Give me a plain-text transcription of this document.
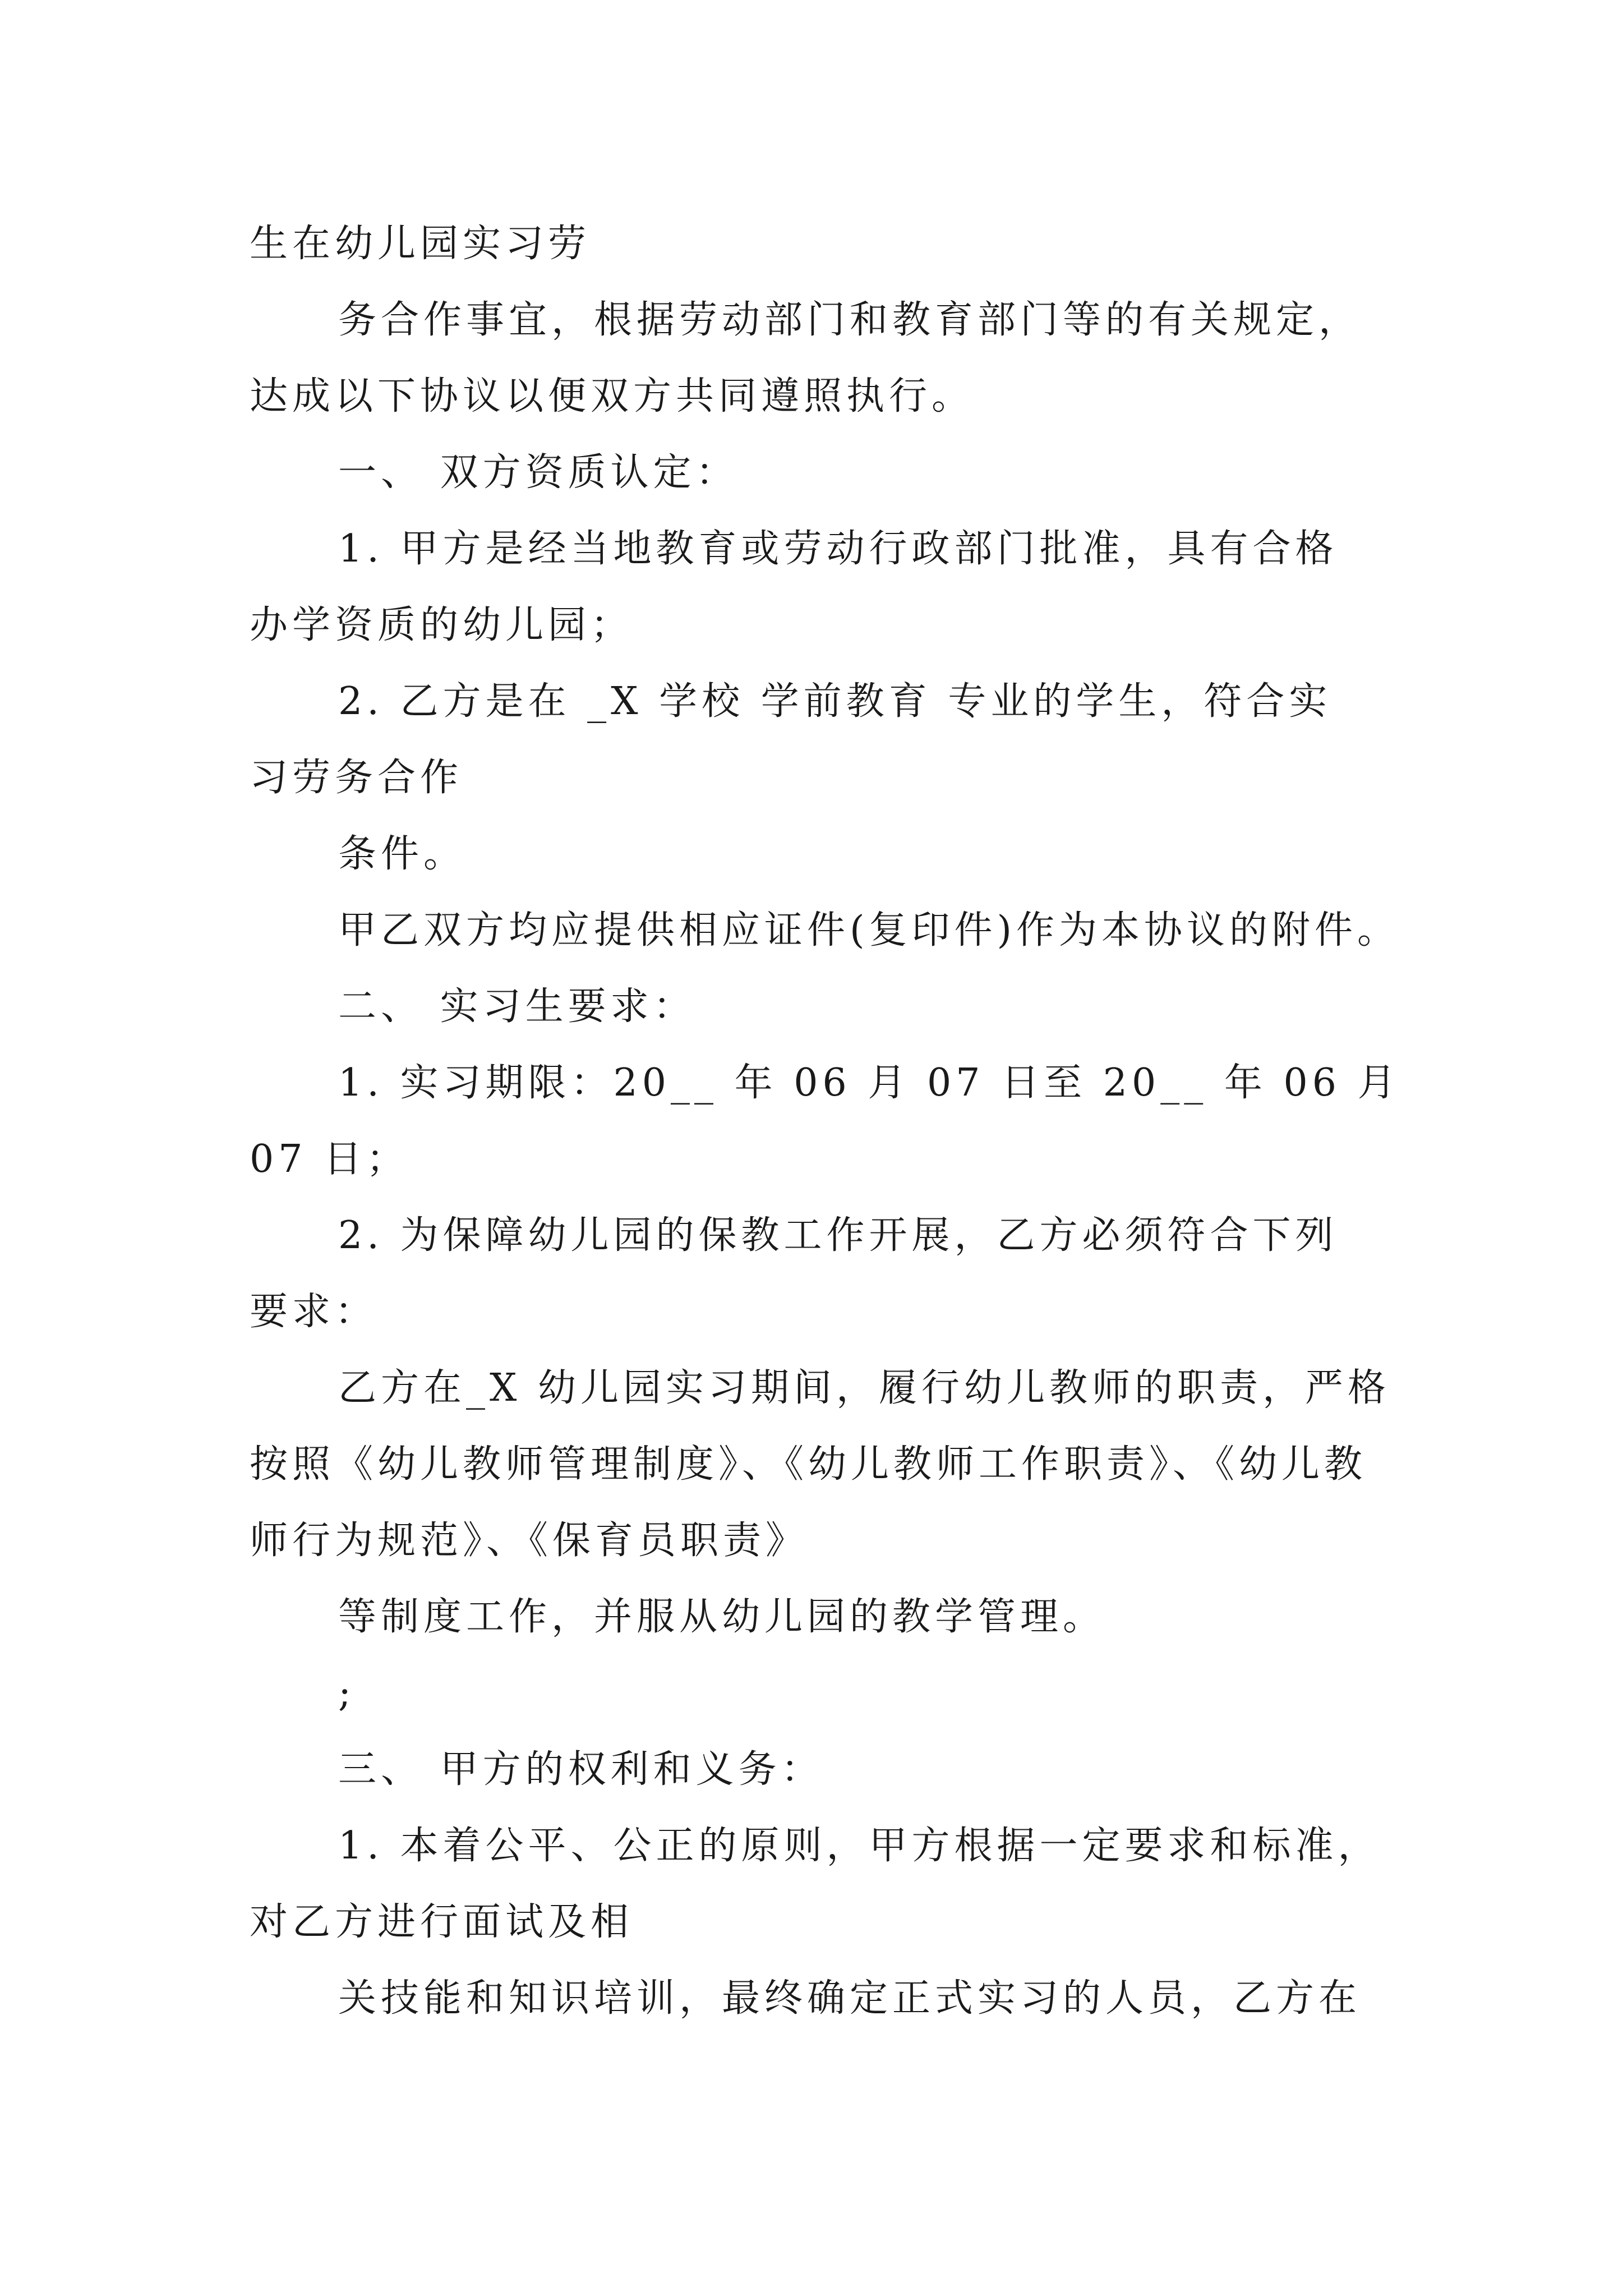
生在幼儿园实习劳
务合作事宜，根据劳动部门和教育部门等的有关规定，
达成以下协议以便双方共同遵照执行。
一、 双方资质认定：
1. 甲方是经当地教育或劳动行政部门批准，具有合格
办学资质的幼儿园；
2. 乙方是在 _X 学校 学前教育 专业的学生，符合实
习劳务合作
条件。
甲乙双方均应提供相应证件(复印件)作为本协议的附件。
二、 实习生要求：
1. 实习期限：20__ 年 06 月 07 日至 20__ 年 06 月
07 日；
2. 为保障幼儿园的保教工作开展，乙方必须符合下列
要求：
乙方在_X 幼儿园实习期间，履行幼儿教师的职责，严格
按照《幼儿教师管理制度》、《幼儿教师工作职责》、《幼儿教
师行为规范》、《保育员职责》
等制度工作，并服从幼儿园的教学管理。
;
三、 甲方的权利和义务：
1. 本着公平、公正的原则，甲方根据一定要求和标准，
对乙方进行面试及相
关技能和知识培训，最终确定正式实习的人员，乙方在
